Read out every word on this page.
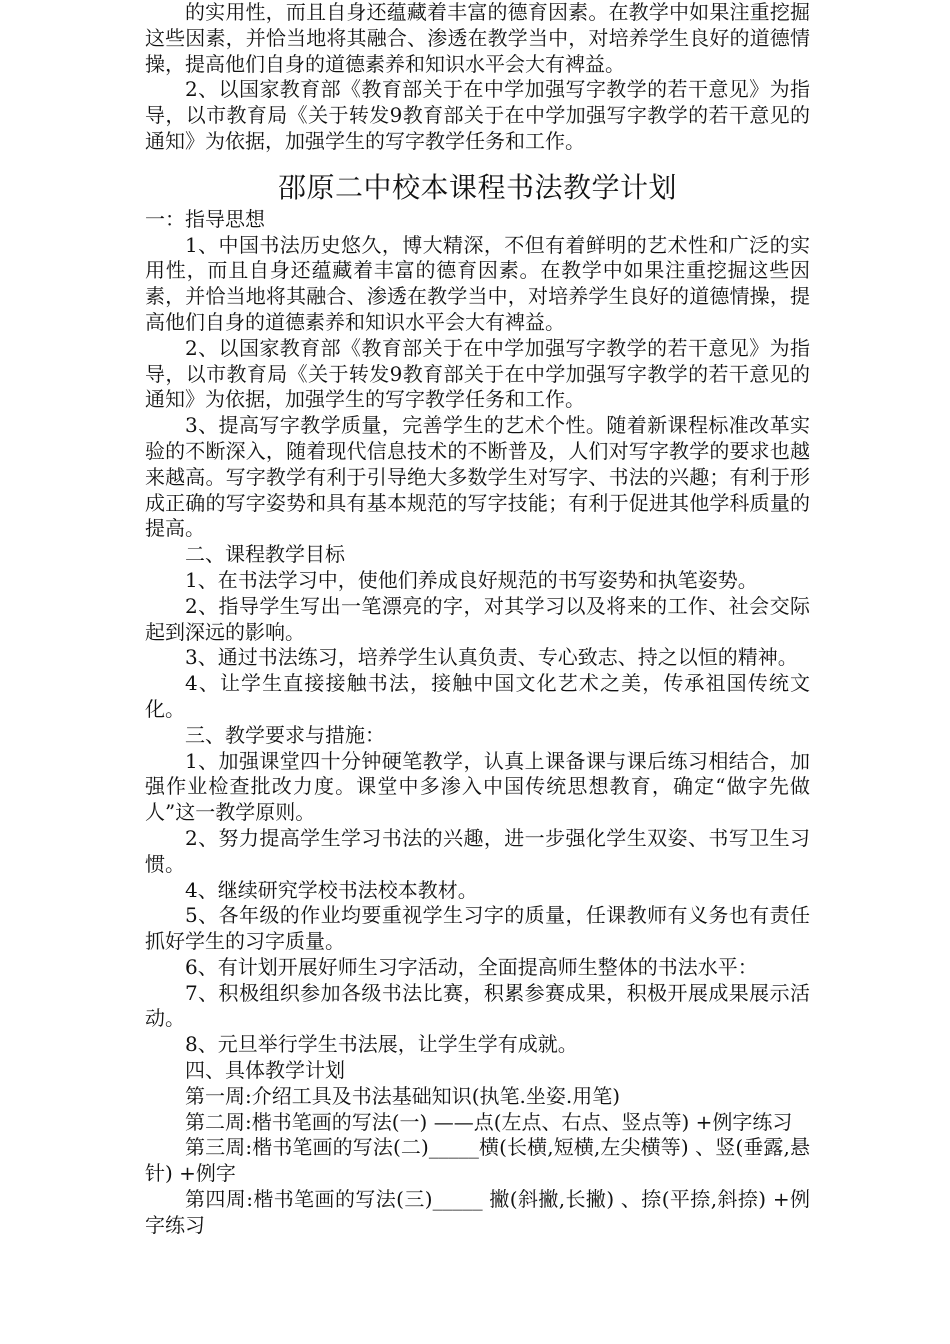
的实用性，而且自身还蕴藏着丰富的德育因素。在教学中如果注重挖掘这些因素，并恰当地将其融合、渗透在教学当中，对培养学生良好的道德情操，提高他们自身的道德素养和知识水平会大有裨益。

2、以国家教育部《教育部关于在中学加强写字教学的若干意见》为指导，以市教育局《关于转发9教育部关于在中学加强写字教学的若干意见的通知》为依据，加强学生的写字教学任务和工作。

邵原二中校本课程书法教学计划

一：指导思想

1、中国书法历史悠久，博大精深，不但有着鲜明的艺术性和广泛的实用性，而且自身还蕴藏着丰富的德育因素。在教学中如果注重挖掘这些因素，并恰当地将其融合、渗透在教学当中，对培养学生良好的道德情操，提高他们自身的道德素养和知识水平会大有裨益。

2、以国家教育部《教育部关于在中学加强写字教学的若干意见》为指导，以市教育局《关于转发9教育部关于在中学加强写字教学的若干意见的通知》为依据，加强学生的写字教学任务和工作。

3、提高写字教学质量，完善学生的艺术个性。随着新课程标准改革实验的不断深入，随着现代信息技术的不断普及，人们对写字教学的要求也越来越高。写字教学有利于引导绝大多数学生对写字、书法的兴趣；有利于形成正确的写字姿势和具有基本规范的写字技能；有利于促进其他学科质量的提高。

二、课程教学目标

1、在书法学习中，使他们养成良好规范的书写姿势和执笔姿势。

2、指导学生写出一笔漂亮的字，对其学习以及将来的工作、社会交际起到深远的影响。

3、通过书法练习，培养学生认真负责、专心致志、持之以恒的精神。

4、让学生直接接触书法，接触中国文化艺术之美，传承祖国传统文化。

三、教学要求与措施：

1、加强课堂四十分钟硬笔教学，认真上课备课与课后练习相结合，加强作业检查批改力度。课堂中多渗入中国传统思想教育，确定“做字先做人”这一教学原则。

2、努力提高学生学习书法的兴趣，进一步强化学生双姿、书写卫生习惯。

4、继续研究学校书法校本教材。

5、各年级的作业均要重视学生习字的质量，任课教师有义务也有责任抓好学生的习字质量。

6、有计划开展好师生习字活动，全面提高师生整体的书法水平：

7、积极组织参加各级书法比赛，积累参赛成果，积极开展成果展示活动。

8、元旦举行学生书法展，让学生学有成就。

四、具体教学计划

第一周:介绍工具及书法基础知识(执笔.坐姿.用笔)

第二周:楷书笔画的写法(一) ——点(左点、右点、竖点等) +例字练习

第三周:楷书笔画的写法(二)_____横(长横,短横,左尖横等) 、竖(垂露,悬针) +例字

第四周:楷书笔画的写法(三)_____ 撇(斜撇,长撇) 、捺(平捺,斜捺) +例字练习
